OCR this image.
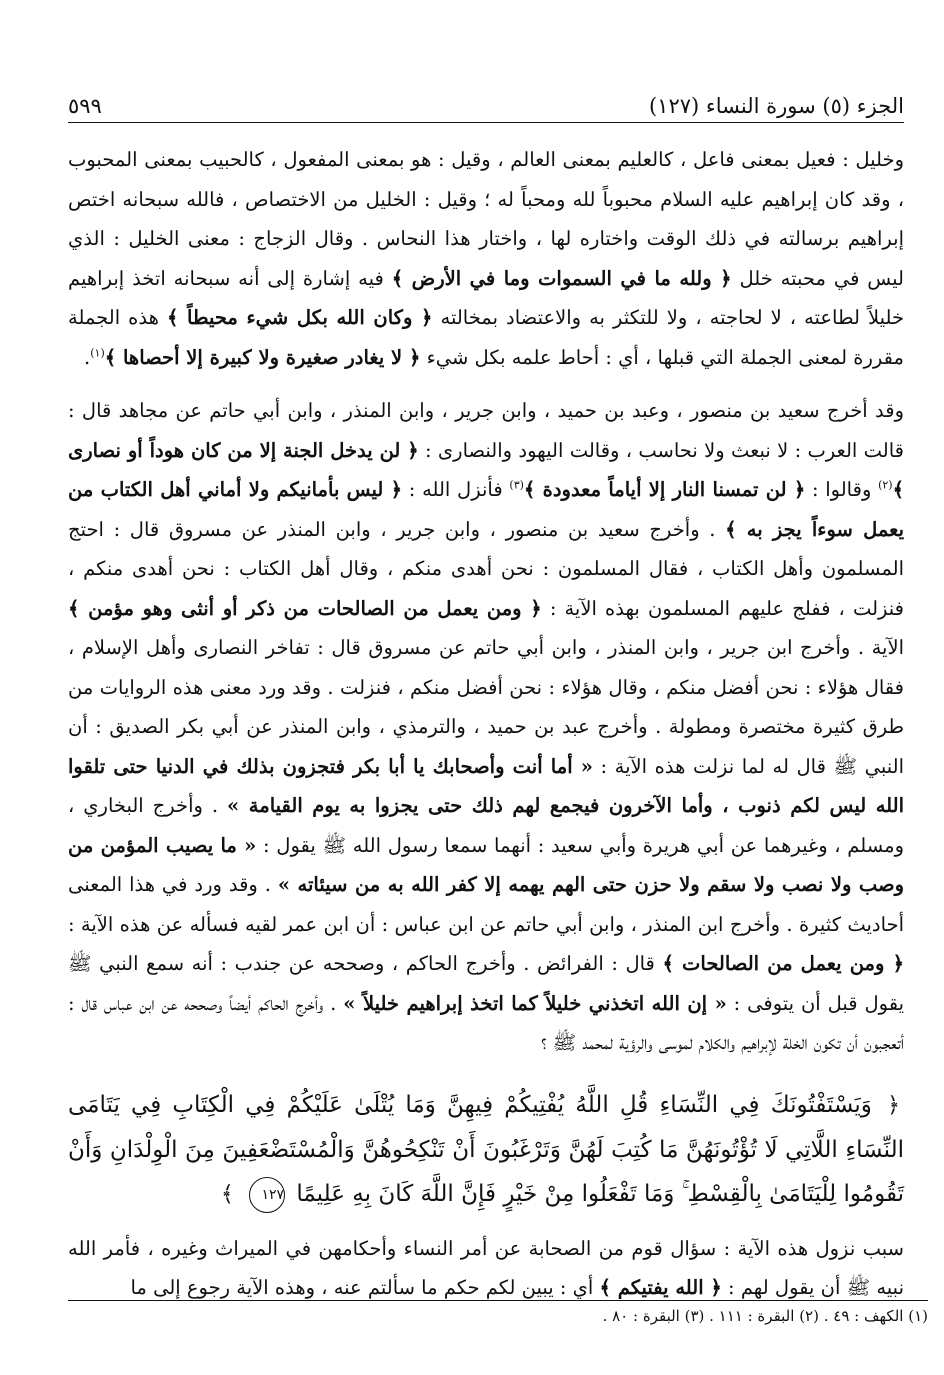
الجزء (٥) سورة النساء (١٢٧)
٥٩٩

وخليل : فعيل بمعنى فاعل ، كالعليم بمعنى العالم ، وقيل : هو بمعنى المفعول ، كالحبيب بمعنى المحبوب ، وقد كان إبراهيم عليه السلام محبوباً لله ومحباً له ؛ وقيل : الخليل من الاختصاص ، فالله سبحانه اختص إبراهيم برسالته في ذلك الوقت واختاره لها ، واختار هذا النحاس . وقال الزجاج : معنى الخليل : الذي ليس في محبته خلل ﴿ ولله ما في السموات وما في الأرض ﴾ فيه إشارة إلى أنه سبحانه اتخذ إبراهيم خليلاً لطاعته ، لا لحاجته ، ولا للتكثر به والاعتضاد بمخالته ﴿ وكان الله بكل شيء محيطاً ﴾ هذه الجملة مقررة لمعنى الجملة التي قبلها ، أي : أحاط علمه بكل شيء ﴿ لا يغادر صغيرة ولا كبيرة إلا أحصاها ﴾$^{(١)}$.

وقد أخرج سعيد بن منصور ، وعبد بن حميد ، وابن جرير ، وابن المنذر ، وابن أبي حاتم عن مجاهد قال : قالت العرب : لا نبعث ولا نحاسب ، وقالت اليهود والنصارى : ﴿ لن يدخل الجنة إلا من كان هوداً أو نصارى ﴾$^{(٢)}$ وقالوا : ﴿ لن تمسنا النار إلا أياماً معدودة ﴾$^{(٣)}$ فأنزل الله : ﴿ ليس بأمانيكم ولا أماني أهل الكتاب من يعمل سوءاً يجز به ﴾ . وأخرج سعيد بن منصور ، وابن جرير ، وابن المنذر عن مسروق قال : احتج المسلمون وأهل الكتاب ، فقال المسلمون : نحن أهدى منكم ، وقال أهل الكتاب : نحن أهدى منكم ، فنزلت ، ففلج عليهم المسلمون بهذه الآية : ﴿ ومن يعمل من الصالحات من ذكر أو أنثى وهو مؤمن ﴾ الآية . وأخرج ابن جرير ، وابن المنذر ، وابن أبي حاتم عن مسروق قال : تفاخر النصارى وأهل الإسلام ، فقال هؤلاء : نحن أفضل منكم ، وقال هؤلاء : نحن أفضل منكم ، فنزلت . وقد ورد معنى هذه الروايات من طرق كثيرة مختصرة ومطولة . وأخرج عبد بن حميد ، والترمذي ، وابن المنذر عن أبي بكر الصديق : أن النبي ﷺ قال له لما نزلت هذه الآية : « أما أنت وأصحابك يا أبا بكر فتجزون بذلك في الدنيا حتى تلقوا الله ليس لكم ذنوب ، وأما الآخرون فيجمع لهم ذلك حتى يجزوا به يوم القيامة » . وأخرج البخاري ، ومسلم ، وغيرهما عن أبي هريرة وأبي سعيد : أنهما سمعا رسول الله ﷺ يقول : « ما يصيب المؤمن من وصب ولا نصب ولا سقم ولا حزن حتى الهم يهمه إلا كفر الله به من سيئاته » . وقد ورد في هذا المعنى أحاديث كثيرة . وأخرج ابن المنذر ، وابن أبي حاتم عن ابن عباس : أن ابن عمر لقيه فسأله عن هذه الآية : ﴿ ومن يعمل من الصالحات ﴾ قال : الفرائض . وأخرج الحاكم ، وصححه عن جندب : أنه سمع النبي ﷺ يقول قبل أن يتوفى : « إن الله اتخذني خليلاً كما اتخذ إبراهيم خليلاً » . وأخرج الحاكم أيضاً وصححه عن ابن عباس قال : أتعجبون أن تكون الخلة لإبراهيم والكلام لموسى والرؤية لمحمد ﷺ ؟

﴿ وَيَسْتَفْتُونَكَ فِي النِّسَاءِ قُلِ اللَّهُ يُفْتِيكُمْ فِيهِنَّ وَمَا يُتْلَىٰ عَلَيْكُمْ فِي الْكِتَابِ فِي يَتَامَى النِّسَاءِ اللَّاتِي لَا تُؤْتُونَهُنَّ مَا كُتِبَ لَهُنَّ وَتَرْغَبُونَ أَنْ تَنْكِحُوهُنَّ وَالْمُسْتَضْعَفِينَ مِنَ الْوِلْدَانِ وَأَنْ تَقُومُوا لِلْيَتَامَىٰ بِالْقِسْطِ ۚ وَمَا تَفْعَلُوا مِنْ خَيْرٍ فَإِنَّ اللَّهَ كَانَ بِهِ عَلِيمًا ١٢٧ ﴾

سبب نزول هذه الآية : سؤال قوم من الصحابة عن أمر النساء وأحكامهن في الميراث وغيره ، فأمر الله نبيه ﷺ أن يقول لهم : ﴿ الله يفتيكم ﴾ أي : يبين لكم حكم ما سألتم عنه ، وهذه الآية رجوع إلى ما

(١) الكهف : ٤٩ . (٢) البقرة : ١١١ . (٣) البقرة : ٨٠ .
